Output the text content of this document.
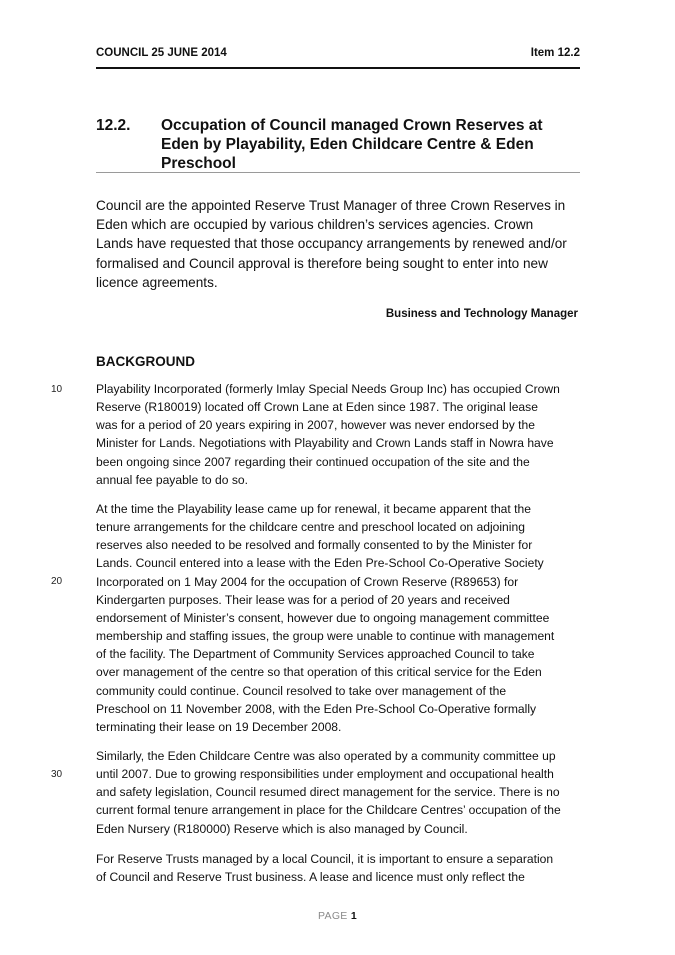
COUNCIL 25 JUNE 2014	Item 12.2
12.2. Occupation of Council managed Crown Reserves at
Eden by Playability, Eden Childcare Centre & Eden
Preschool
Council are the appointed Reserve Trust Manager of three Crown Reserves in
Eden which are occupied by various children’s services agencies. Crown
Lands have requested that those occupancy arrangements by renewed and/or
formalised and Council approval is therefore being sought to enter into new
licence agreements.
Business and Technology Manager
BACKGROUND
10
20
30
Playability Incorporated (formerly Imlay Special Needs Group Inc) has occupied Crown
Reserve (R180019) located off Crown Lane at Eden since 1987. The original lease
was for a period of 20 years expiring in 2007, however was never endorsed by the
Minister for Lands. Negotiations with Playability and Crown Lands staff in Nowra have
been ongoing since 2007 regarding their continued occupation of the site and the
annual fee payable to do so.
At the time the Playability lease came up for renewal, it became apparent that the
tenure arrangements for the childcare centre and preschool located on adjoining
reserves also needed to be resolved and formally consented to by the Minister for
Lands. Council entered into a lease with the Eden Pre-School Co-Operative Society
Incorporated on 1 May 2004 for the occupation of Crown Reserve (R89653) for
Kindergarten purposes. Their lease was for a period of 20 years and received
endorsement of Minister’s consent, however due to ongoing management committee
membership and staffing issues, the group were unable to continue with management
of the facility. The Department of Community Services approached Council to take
over management of the centre so that operation of this critical service for the Eden
community could continue. Council resolved to take over management of the
Preschool on 11 November 2008, with the Eden Pre-School Co-Operative formally
terminating their lease on 19 December 2008.
Similarly, the Eden Childcare Centre was also operated by a community committee up
until 2007. Due to growing responsibilities under employment and occupational health
and safety legislation, Council resumed direct management for the service. There is no
current formal tenure arrangement in place for the Childcare Centres’ occupation of the
Eden Nursery (R180000) Reserve which is also managed by Council.
For Reserve Trusts managed by a local Council, it is important to ensure a separation
of Council and Reserve Trust business. A lease and licence must only reflect the
PAGE 1
